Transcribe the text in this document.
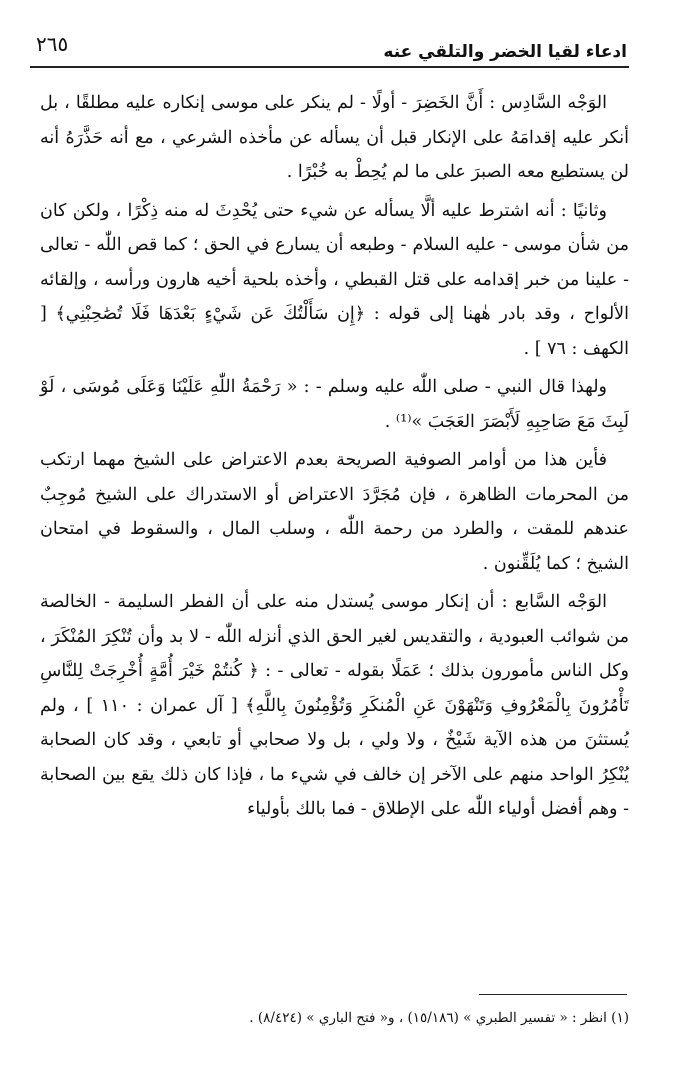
ادعاء لقيا الخضر والتلقي عنه
٢٦٥

الوَجْه السَّادِس : أَنَّ الخَضِرَ - أولًا - لم ينكر على موسى إنكاره عليه مطلقًا ، بل أنكر عليه إقدامَهُ على الإنكار قبل أن يسأله عن مأخذه الشرعي ، مع أنه حَذَّرَهُ أنه لن يستطيع معه الصبرَ على ما لم يُحِطْ به خُبْرًا .

وثانيًا : أنه اشترط عليه ألَّا يسأله عن شيء حتى يُحْدِثَ له منه ذِكْرًا ، ولكن كان من شأن موسى - عليه السلام - وطبعه أن يسارع في الحق ؛ كما قص اللّٰه - تعالى - علينا من خبر إقدامه على قتل القبطي ، وأخذه بلحية أخيه هارون ورأسه ، وإلقائه الألواح ، وقد بادر هٰهنا إلى قوله : ﴿إِن سَأَلْتُكَ عَن شَيْءٍ بَعْدَهَا فَلَا تُصَٰحِبْنِي﴾ [ الكهف : ٧٦ ] .

ولهذا قال النبي - صلى اللّٰه عليه وسلم - : « رَحْمَةُ اللّٰهِ عَلَيْنَا وَعَلَى مُوسَى ، لَوْ لَبِثَ مَعَ صَاحِبِهِ لَأَبْصَرَ العَجَبَ »⁽¹⁾ .

فأين هذا من أوامر الصوفية الصريحة بعدم الاعتراض على الشيخ مهما ارتكب من المحرمات الظاهرة ، فإن مُجَرَّدَ الاعتراض أو الاستدراك على الشيخ مُوجِبٌ عندهم للمقت ، والطرد من رحمة اللّٰه ، وسلب المال ، والسقوط في امتحان الشيخ ؛ كما يُلَقِّنون .

الوَجْه السَّابع : أن إنكار موسى يُستدل منه على أن الفطر السليمة - الخالصة من شوائب العبودية ، والتقديس لغير الحق الذي أنزله اللّٰه - لا بد وأن تُنْكِرَ المُنْكَرَ ، وكل الناس مأمورون بذلك ؛ عَمَلًا بقوله - تعالى - : ﴿ كُنتُمْ خَيْرَ أُمَّةٍ أُخْرِجَتْ لِلنَّاسِ تَأْمُرُونَ بِالْمَعْرُوفِ وَتَنْهَوْنَ عَنِ الْمُنكَرِ وَتُؤْمِنُونَ بِاللَّهِ﴾ [ آل عمران : ١١٠ ] ، ولم يُستثنَ من هذه الآية شَيْخٌ ، ولا ولي ، بل ولا صحابي أو تابعي ، وقد كان الصحابة يُنْكِرُ الواحد منهم على الآخر إن خالف في شيء ما ، فإذا كان ذلك يقع بين الصحابة - وهم أفضل أولياء اللّٰه على الإطلاق - فما بالك بأولياء

(١) انظر : « تفسير الطبري » (١٥/١٨٦) ، و« فتح الباري » (٨/٤٢٤) .
